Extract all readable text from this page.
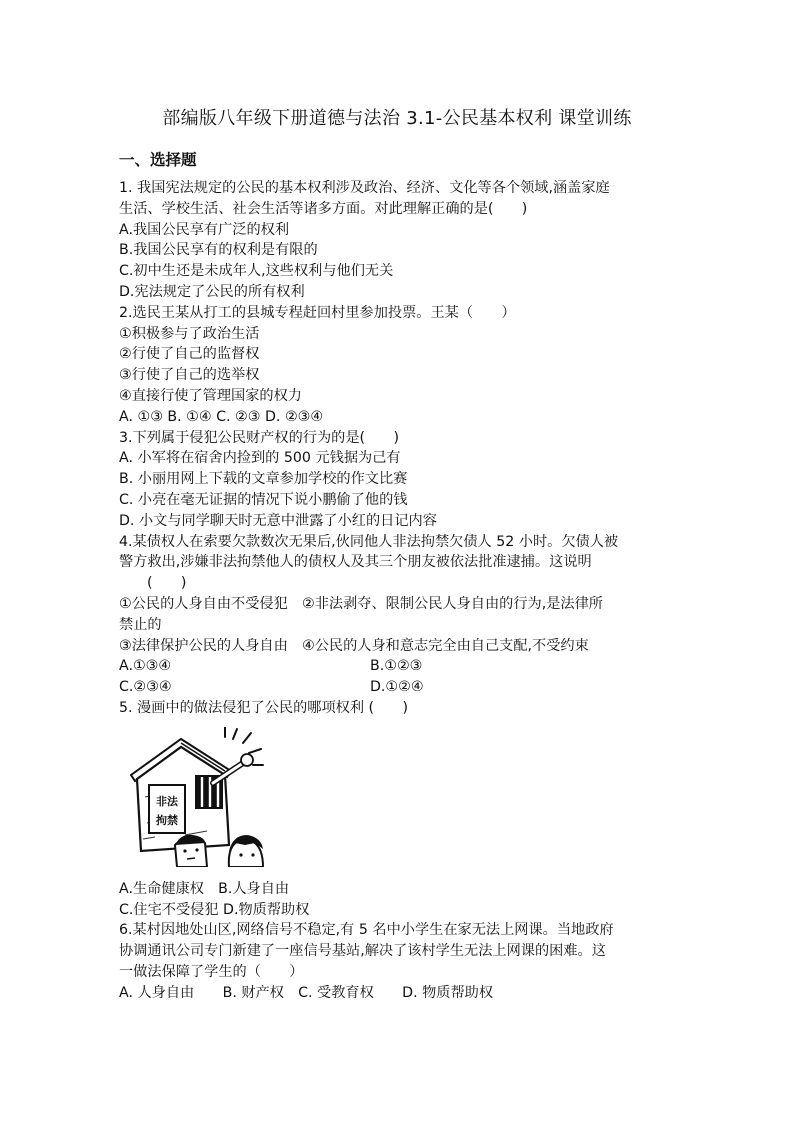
部编版八年级下册道德与法治 3.1-公民基本权利 课堂训练
一、选择题
1. 我国宪法规定的公民的基本权利涉及政治、经济、文化等各个领域,涵盖家庭
生活、学校生活、社会生活等诸多方面。对此理解正确的是(　　)
A.我国公民享有广泛的权利
B.我国公民享有的权利是有限的
C.初中生还是未成年人,这些权利与他们无关
D.宪法规定了公民的所有权利
2.选民王某从打工的县城专程赶回村里参加投票。王某（　　）
①积极参与了政治生活
②行使了自己的监督权
③行使了自己的选举权
④直接行使了管理国家的权力
A. ①③ B. ①④ C. ②③ D. ②③④
3.下列属于侵犯公民财产权的行为的是(　　)
A. 小军将在宿舍内捡到的 500 元钱据为己有
B. 小丽用网上下载的文章参加学校的作文比赛
C. 小亮在毫无证据的情况下说小鹏偷了他的钱
D. 小文与同学聊天时无意中泄露了小红的日记内容
4.某债权人在索要欠款数次无果后,伙同他人非法拘禁欠债人 52 小时。欠债人被
警方救出,涉嫌非法拘禁他人的债权人及其三个朋友被依法批准逮捕。这说明
(　　)
①公民的人身自由不受侵犯　②非法剥夺、限制公民人身自由的行为,是法律所
禁止的
③法律保护公民的人身自由　④公民的人身和意志完全由自己支配,不受约束
A.①③④	B.①②③
C.②③④	D.①②④
5. 漫画中的做法侵犯了公民的哪项权利 (　　)
非法
拘禁
A.生命健康权　B.人身自由
C.住宅不受侵犯 D.物质帮助权
6.某村因地处山区,网络信号不稳定,有 5 名中小学生在家无法上网课。当地政府
协调通讯公司专门新建了一座信号基站,解决了该村学生无法上网课的困难。这
一做法保障了学生的（　　）
A. 人身自由　　B. 财产权　C. 受教育权　　D. 物质帮助权
